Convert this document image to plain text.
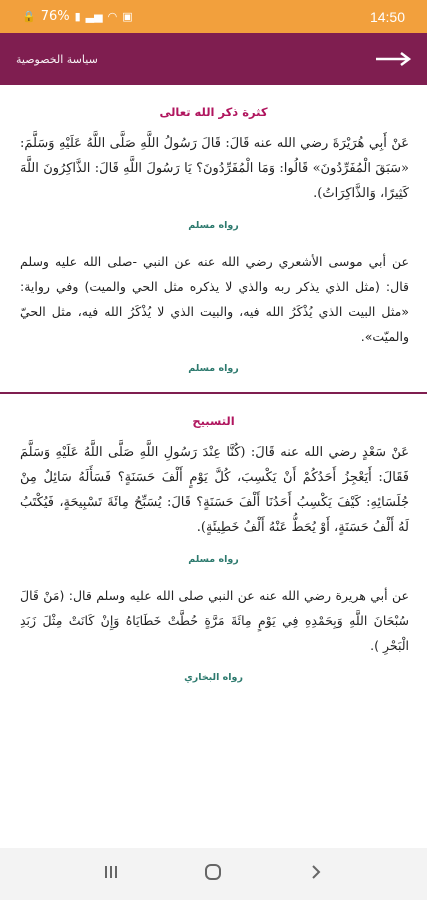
🔒 76% ▮ ▃▅ ◠ ▣	14:50
سياسة الخصوصية
كثرة ذكر الله تعالى
عَنْ أَبِي هُرَيْرَةَ رضي الله عنه قَالَ: قَالَ رَسُولُ اللَّهِ صَلَّى اللَّهُ عَلَيْهِ وَسَلَّمَ: «سَبَقَ الْمُفَرِّدُونَ» قَالُوا: وَمَا الْمُفَرِّدُونَ؟ يَا رَسُولَ اللَّهِ قَالَ: الذَّاكِرُونَ اللَّهَ كَثِيرًا، وَالذَّاكِرَاتُ).
رواه مسلم
عن أبي موسى الأشعري رضي الله عنه عن النبي -صلى الله عليه وسلم قال: (مثل الذي يذكر ربه والذي لا يذكره مثل الحي والميت) وفي رواية: «مثل البيت الذي يُذْكَرُ الله فيه، والبيت الذي لا يُذْكَرُ الله فيه، مثل الحيّ والميّت».
رواه مسلم
التسبيح
عَنْ سَعْدٍ رضي الله عنه قَالَ: (كُنَّا عِنْدَ رَسُولِ اللَّهِ صَلَّى اللَّهُ عَلَيْهِ وَسَلَّمَ فَقَالَ: أَيَعْجِزُ أَحَدُكُمْ أَنْ يَكْسِبَ، كُلَّ يَوْمٍ أَلْفَ حَسَنَةٍ؟ فَسَأَلَهُ سَائِلٌ مِنْ جُلَسَائِهِ: كَيْفَ يَكْسِبُ أَحَدُنَا أَلْفَ حَسَنَةٍ؟ قَالَ: يُسَبِّحُ مِائَةَ تَسْبِيحَةٍ، فَيُكْتَبُ لَهُ أَلْفُ حَسَنَةٍ، أَوْ يُحَطُّ عَنْهُ أَلْفُ خَطِيئَةٍ).
رواه مسلم
عن أبي هريرة رضي الله عنه عن النبي صلى الله عليه وسلم قال: (مَنْ قَالَ سُبْحَانَ اللَّهِ وَبِحَمْدِهِ فِي يَوْمٍ مِائَةَ مَرَّةٍ حُطَّتْ خَطَايَاهُ وَإِنْ كَانَتْ مِثْلَ زَبَدِ الْبَحْرِ ).
رواه البخاري
